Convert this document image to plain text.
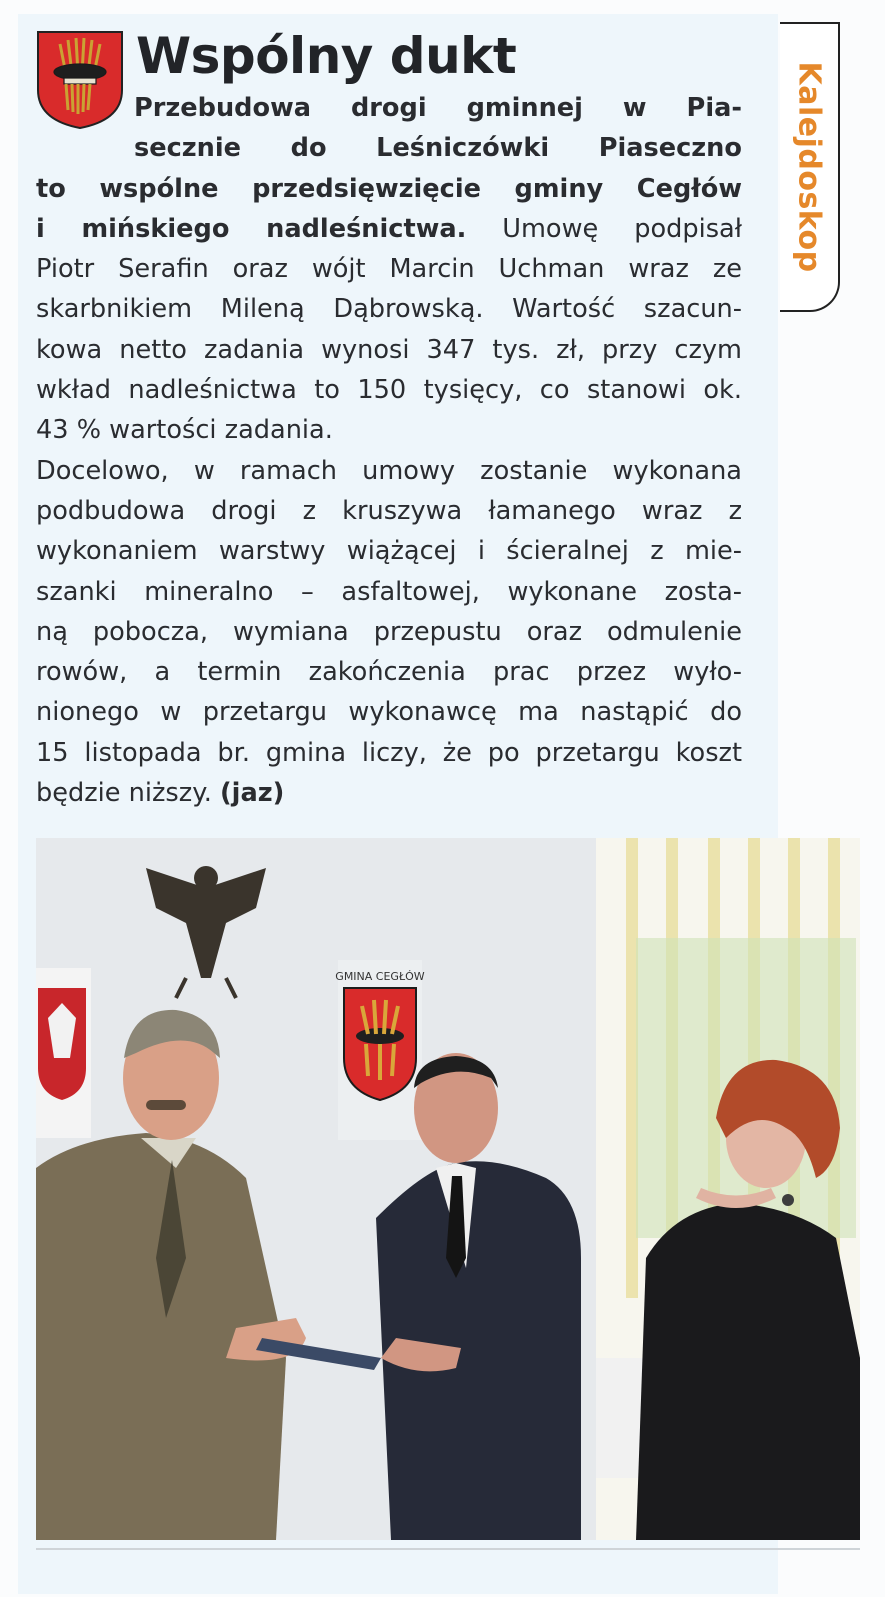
Wspólny dukt
Przebudowa drogi gminnej w Pia-
secznie do Leśniczówki Piaseczno
to wspólne przedsięwzięcie gminy Cegłów
i mińskiego nadleśnictwa. Umowę podpisał
Piotr Serafin oraz wójt Marcin Uchman wraz ze
skarbnikiem Mileną Dąbrowską. Wartość szacun-
kowa netto zadania wynosi 347 tys. zł, przy czym
wkład nadleśnictwa to 150 tysięcy, co stanowi ok.
43 % wartości zadania.
Docelowo, w ramach umowy zostanie wykonana
podbudowa drogi z kruszywa łamanego wraz z
wykonaniem warstwy wiążącej i ścieralnej z mie-
szanki mineralno – asfaltowej, wykonane zosta-
ną pobocza, wymiana przepustu oraz odmulenie
rowów, a termin zakończenia prac przez wyło-
nionego w przetargu wykonawcę ma nastąpić do
15 listopada br. gmina liczy, że po przetargu koszt
będzie niższy. (jaz)
Kalejdoskop
GMINA CEGŁÓW
